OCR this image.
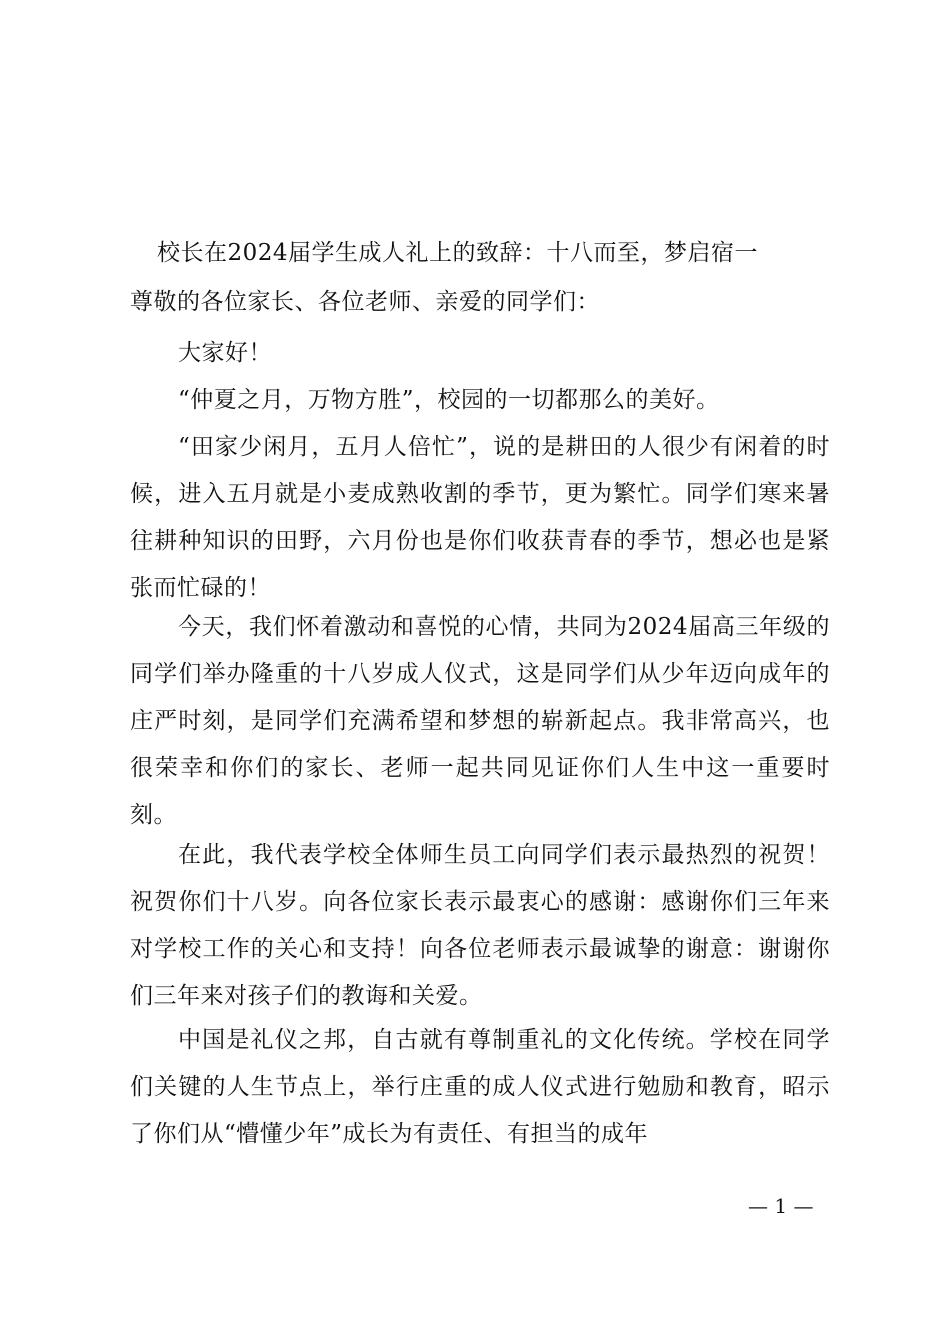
校长在2024届学生成人礼上的致辞：十八而至，梦启宿一
尊敬的各位家长、各位老师、亲爱的同学们：

大家好！

“仲夏之月，万物方胜”，校园的一切都那么的美好。

“田家少闲月，五月人倍忙”，说的是耕田的人很少有闲着的时候，进入五月就是小麦成熟收割的季节，更为繁忙。同学们寒来暑往耕种知识的田野，六月份也是你们收获青春的季节，想必也是紧张而忙碌的！

今天，我们怀着激动和喜悦的心情，共同为2024届高三年级的同学们举办隆重的十八岁成人仪式，这是同学们从少年迈向成年的庄严时刻，是同学们充满希望和梦想的崭新起点。我非常高兴，也很荣幸和你们的家长、老师一起共同见证你们人生中这一重要时刻。

在此，我代表学校全体师生员工向同学们表示最热烈的祝贺！祝贺你们十八岁。向各位家长表示最衷心的感谢：感谢你们三年来对学校工作的关心和支持！向各位老师表示最诚挚的谢意：谢谢你们三年来对孩子们的教诲和关爱。

中国是礼仪之邦，自古就有尊制重礼的文化传统。学校在同学们关键的人生节点上，举行庄重的成人仪式进行勉励和教育，昭示了你们从“懵懂少年”成长为有责任、有担当的成年

— 1 —
